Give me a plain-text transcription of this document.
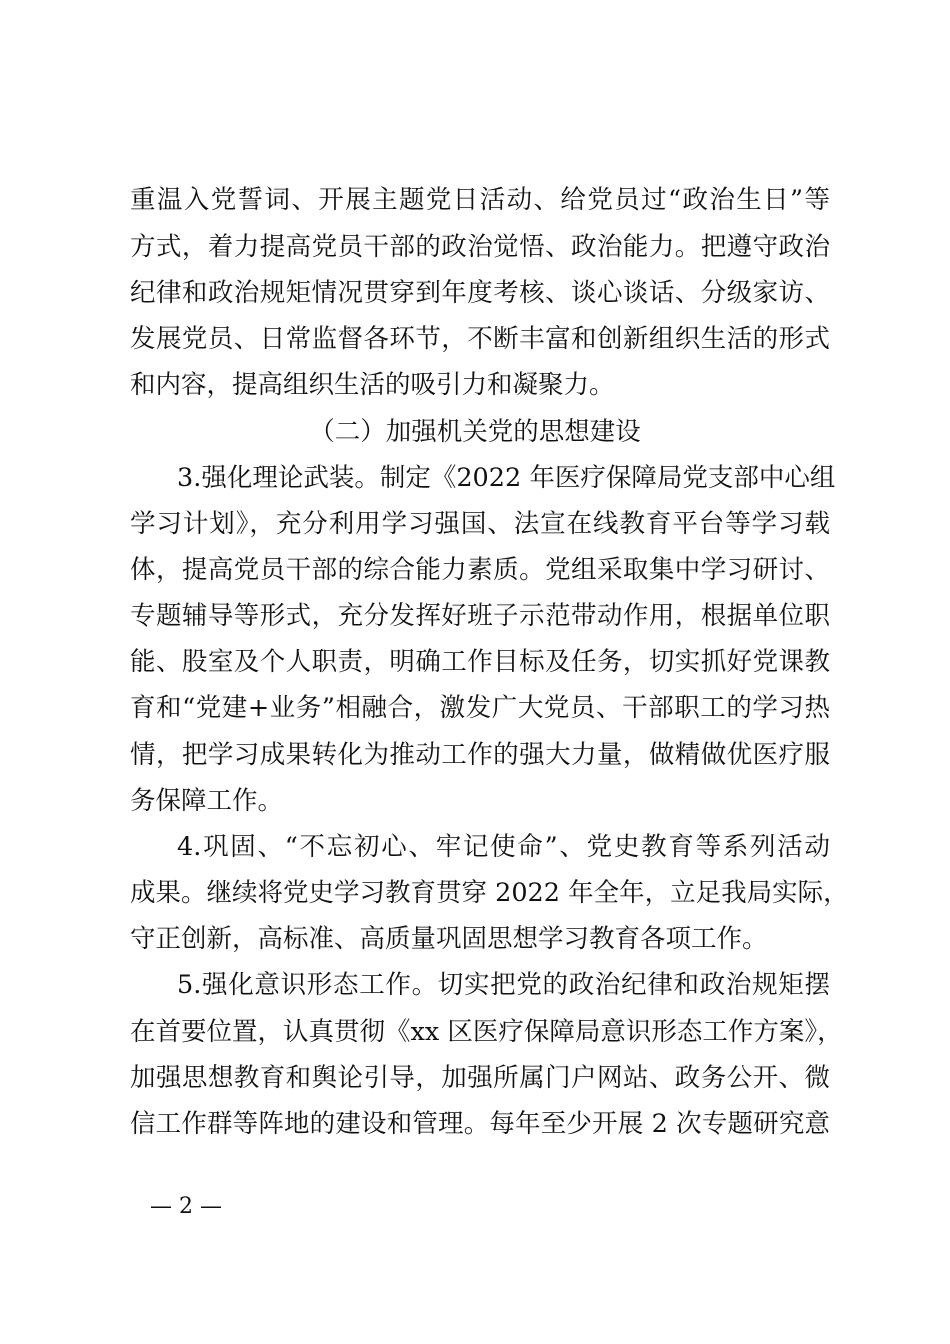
重温入党誓词、开展主题党日活动、给党员过“政治生日”等
方式，着力提高党员干部的政治觉悟、政治能力。把遵守政治
纪律和政治规矩情况贯穿到年度考核、谈心谈话、分级家访、
发展党员、日常监督各环节，不断丰富和创新组织生活的形式
和内容，提高组织生活的吸引力和凝聚力。
（二）加强机关党的思想建设
3.强化理论武装。制定《2022 年医疗保障局党支部中心组
学习计划》，充分利用学习强国、法宣在线教育平台等学习载
体，提高党员干部的综合能力素质。党组采取集中学习研讨、
专题辅导等形式，充分发挥好班子示范带动作用，根据单位职
能、股室及个人职责，明确工作目标及任务，切实抓好党课教
育和“党建+业务”相融合，激发广大党员、干部职工的学习热
情，把学习成果转化为推动工作的强大力量，做精做优医疗服
务保障工作。
4.巩固、“不忘初心、牢记使命”、党史教育等系列活动
成果。继续将党史学习教育贯穿 2022 年全年，立足我局实际，
守正创新，高标准、高质量巩固思想学习教育各项工作。
5.强化意识形态工作。切实把党的政治纪律和政治规矩摆
在首要位置，认真贯彻《xx 区医疗保障局意识形态工作方案》，
加强思想教育和舆论引导，加强所属门户网站、政务公开、微
信工作群等阵地的建设和管理。每年至少开展 2 次专题研究意
— 2 —
